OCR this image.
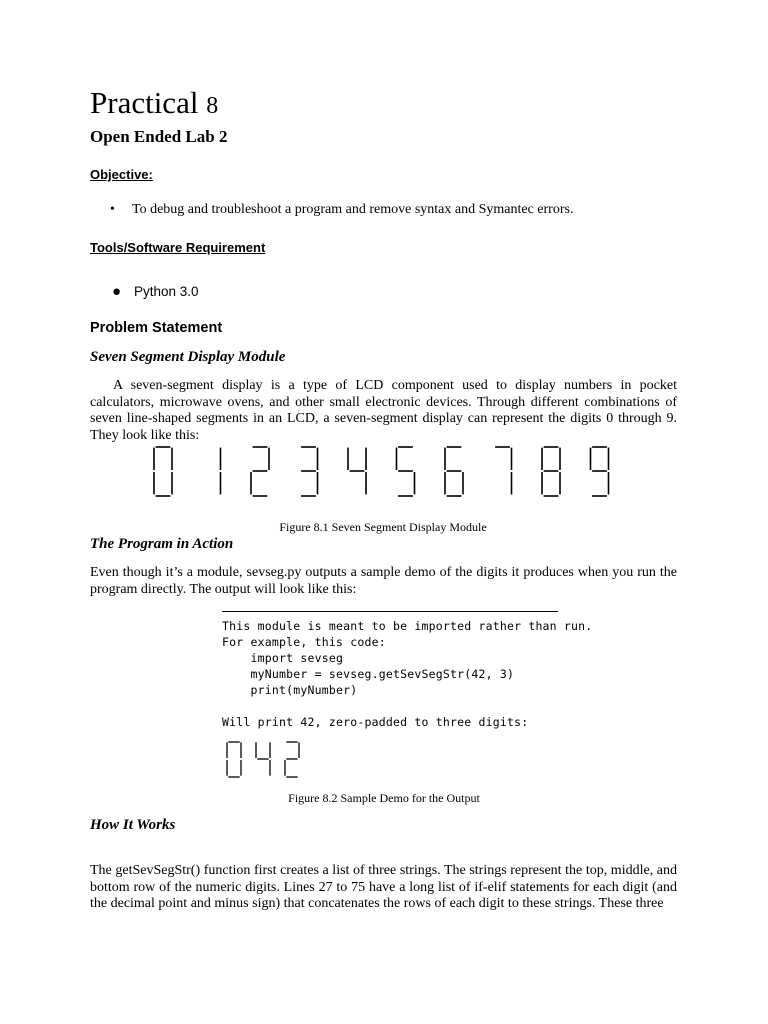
Practical 8
Open Ended Lab 2
Objective:
• To debug and troubleshoot a program and remove syntax and Symantec errors.
Tools/Software Requirement
● Python 3.0
Problem Statement
Seven Segment Display Module
A seven-segment display is a type of LCD component used to display numbers in pocket calculators, microwave ovens, and other small electronic devices. Through different combinations of seven line-shaped segments in an LCD, a seven-segment display can represent the digits 0 through 9. They look like this:
Figure 8.1 Seven Segment Display Module
The Program in Action
Even though it’s a module, sevseg.py outputs a sample demo of the digits it produces when you run the program directly. The output will look like this:
This module is meant to be imported rather than run.
For example, this code:
import sevseg
myNumber = sevseg.getSevSegStr(42, 3)
print(myNumber)
Will print 42, zero-padded to three digits:
Figure 8.2 Sample Demo for the Output
How It Works
The getSevSegStr() function first creates a list of three strings. The strings represent the top, middle, and bottom row of the numeric digits. Lines 27 to 75 have a long list of if-elif statements for each digit (and the decimal point and minus sign) that concatenates the rows of each digit to these strings. These three
